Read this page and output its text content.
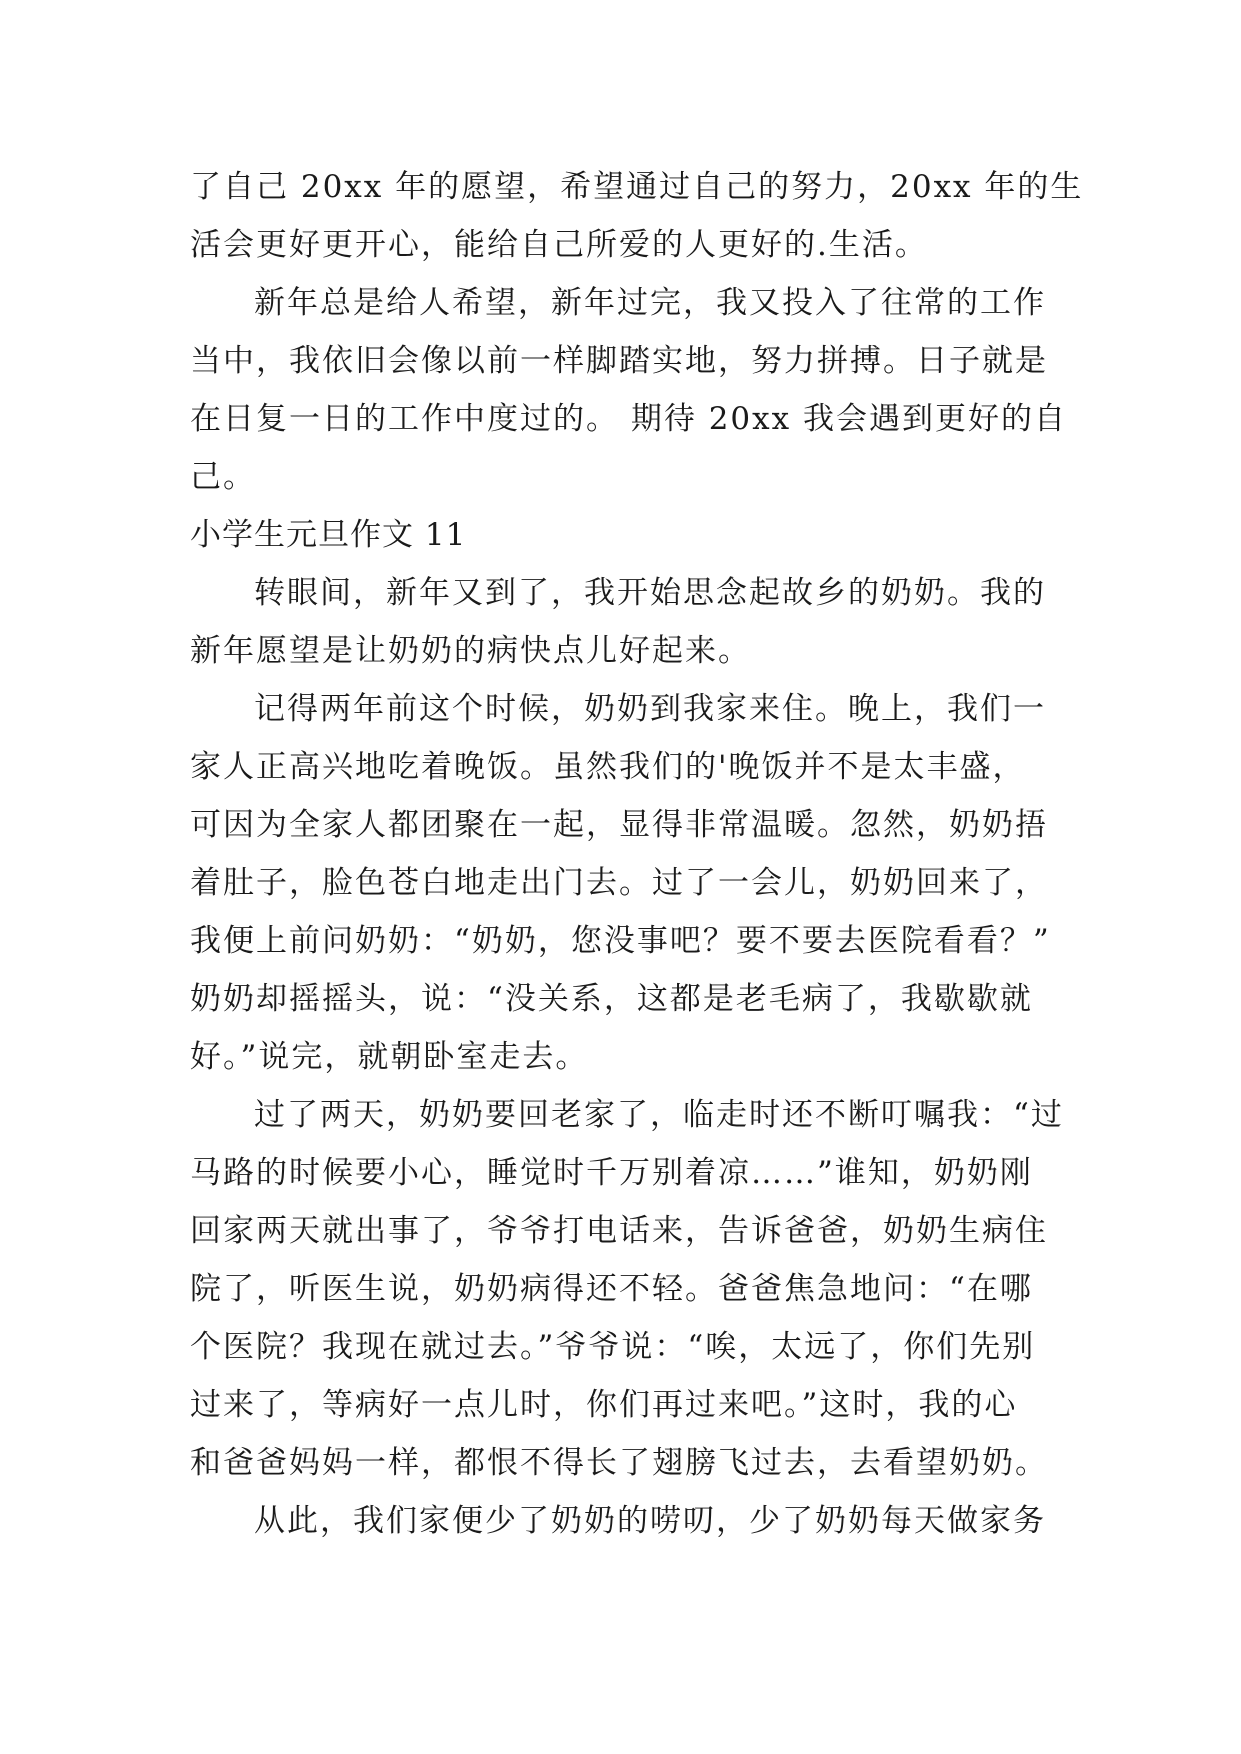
了自己 20xx 年的愿望，希望通过自己的努力，20xx 年的生
活会更好更开心，能给自己所爱的人更好的.生活。
新年总是给人希望，新年过完，我又投入了往常的工作
当中，我依旧会像以前一样脚踏实地，努力拼搏。日子就是
在日复一日的工作中度过的。 期待 20xx 我会遇到更好的自
己。
小学生元旦作文 11
转眼间，新年又到了，我开始思念起故乡的奶奶。我的
新年愿望是让奶奶的病快点儿好起来。
记得两年前这个时候，奶奶到我家来住。晚上，我们一
家人正高兴地吃着晚饭。虽然我们的'晚饭并不是太丰盛，
可因为全家人都团聚在一起，显得非常温暖。忽然，奶奶捂
着肚子，脸色苍白地走出门去。过了一会儿，奶奶回来了，
我便上前问奶奶：“奶奶，您没事吧？要不要去医院看看？”
奶奶却摇摇头，说：“没关系，这都是老毛病了，我歇歇就
好。”说完，就朝卧室走去。
过了两天，奶奶要回老家了，临走时还不断叮嘱我：“过
马路的时候要小心，睡觉时千万别着凉……”谁知，奶奶刚
回家两天就出事了，爷爷打电话来，告诉爸爸，奶奶生病住
院了，听医生说，奶奶病得还不轻。爸爸焦急地问：“在哪
个医院？我现在就过去。”爷爷说：“唉，太远了，你们先别
过来了，等病好一点儿时，你们再过来吧。”这时，我的心
和爸爸妈妈一样，都恨不得长了翅膀飞过去，去看望奶奶。
从此，我们家便少了奶奶的唠叨，少了奶奶每天做家务
